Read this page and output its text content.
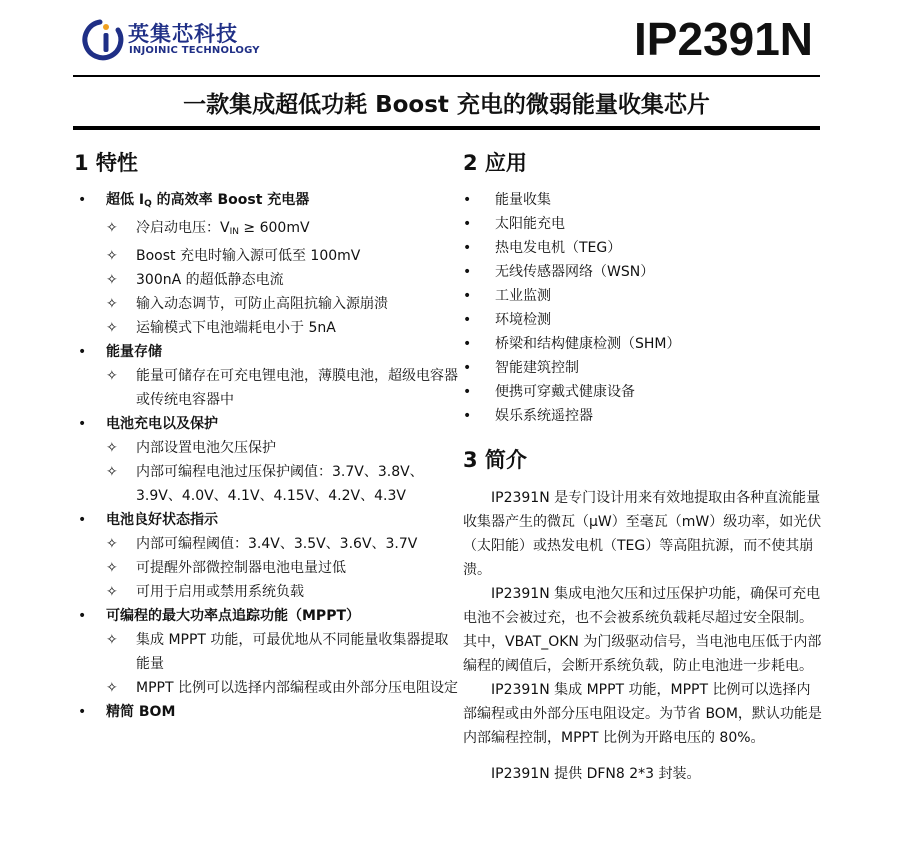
英集芯科技
INJOINIC TECHNOLOGY	IP2391N
一款集成超低功耗 Boost 充电的微弱能量收集芯片
1 特性
• 超低 $I_Q$ 的高效率 Boost 充电器
✧ 冷启动电压：$V_{IN} \ge 600mV$
✧ Boost 充电时输入源可低至 100mV
✧ 300nA 的超低静态电流
✧ 输入动态调节，可防止高阻抗输入源崩溃
✧ 运输模式下电池端耗电小于 5nA
• 能量存储
✧ 能量可储存在可充电锂电池，薄膜电池，超级电容器或传统电容器中
• 电池充电以及保护
✧ 内部设置电池欠压保护
✧ 内部可编程电池过压保护阈值：3.7V、3.8V、3.9V、4.0V、4.1V、4.15V、4.2V、4.3V
• 电池良好状态指示
✧ 内部可编程阈值：3.4V、3.5V、3.6V、3.7V
✧ 可提醒外部微控制器电池电量过低
✧ 可用于启用或禁用系统负载
• 可编程的最大功率点追踪功能（MPPT）
✧ 集成 MPPT 功能，可最优地从不同能量收集器提取能量
✧ MPPT 比例可以选择内部编程或由外部分压电阻设定
• 精简 BOM
2 应用
• 能量收集
• 太阳能充电
• 热电发电机（TEG）
• 无线传感器网络（WSN）
• 工业监测
• 环境检测
• 桥梁和结构健康检测（SHM）
• 智能建筑控制
• 便携可穿戴式健康设备
• 娱乐系统遥控器
3 简介

IP2391N 是专门设计用来有效地提取由各种直流能量收集器产生的微瓦（μW）至毫瓦（mW）级功率，如光伏（太阳能）或热发电机（TEG）等高阻抗源，而不使其崩溃。

IP2391N 集成电池欠压和过压保护功能，确保可充电电池不会被过充，也不会被系统负载耗尽超过安全限制。其中，VBAT_OKN 为门级驱动信号，当电池电压低于内部编程的阈值后，会断开系统负载，防止电池进一步耗电。

IP2391N 集成 MPPT 功能，MPPT 比例可以选择内部编程或由外部分压电阻设定。为节省 BOM，默认功能是内部编程控制，MPPT 比例为开路电压的 80%。

IP2391N 提供 DFN8 2*3 封装。
